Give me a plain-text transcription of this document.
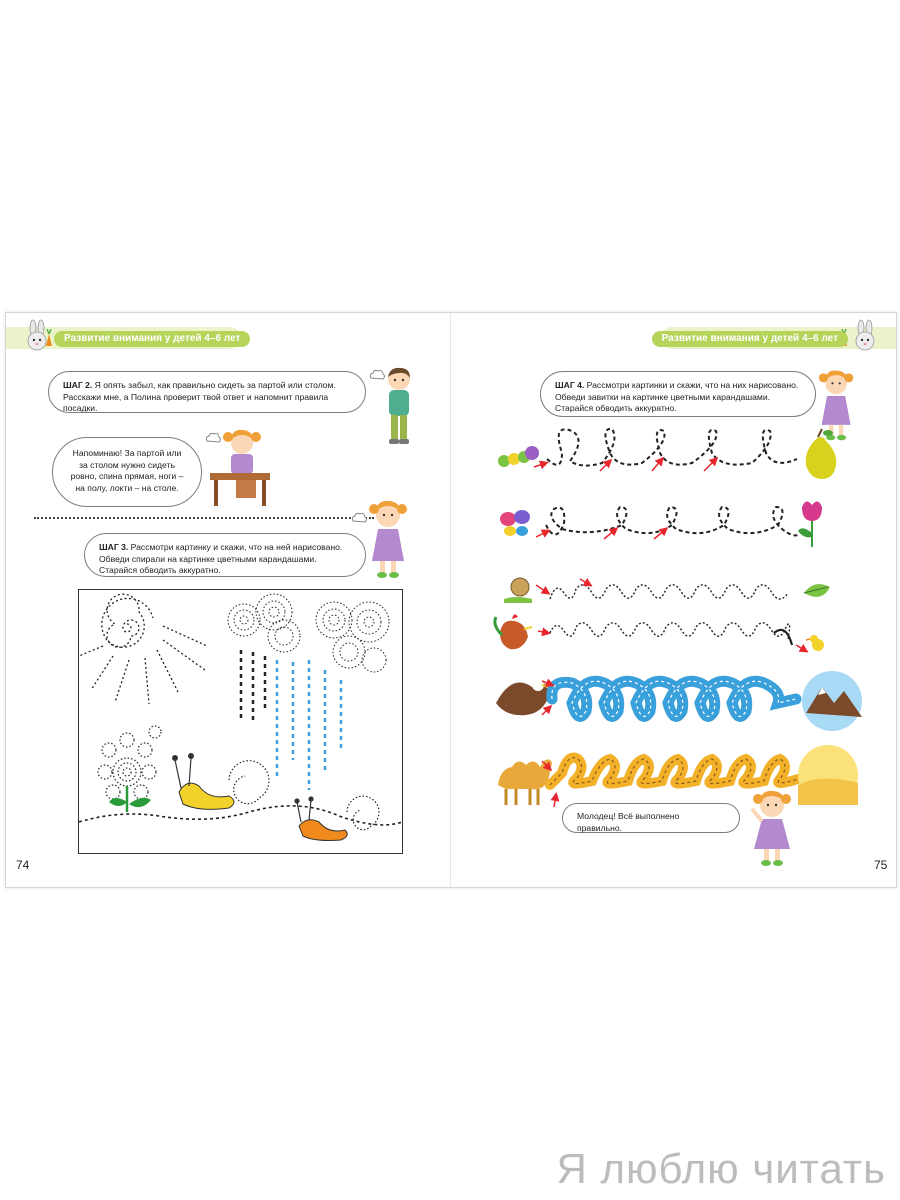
Развитие внимания у детей 4–6 лет	Развитие внимания у детей 4–6 лет
ШАГ 2. Я опять забыл, как правильно сидеть за партой или столом. Расскажи мне, а Полина проверит твой ответ и напомнит правила посадки.
Напоминаю! За партой или за столом нужно сидеть ровно, спина прямая, ноги – на полу, локти – на столе.
ШАГ 3. Рассмотри картинку и скажи, что на ней нарисовано. Обведи спирали на картинке цветными карандашами. Старайся обводить аккуратно.
74
ШАГ 4. Рассмотри картинки и скажи, что на них нарисовано. Обведи завитки на картинке цветными карандашами. Старайся обводить аккуратно.
Молодец! Всё выполнено правильно.
75
Я люблю читать
